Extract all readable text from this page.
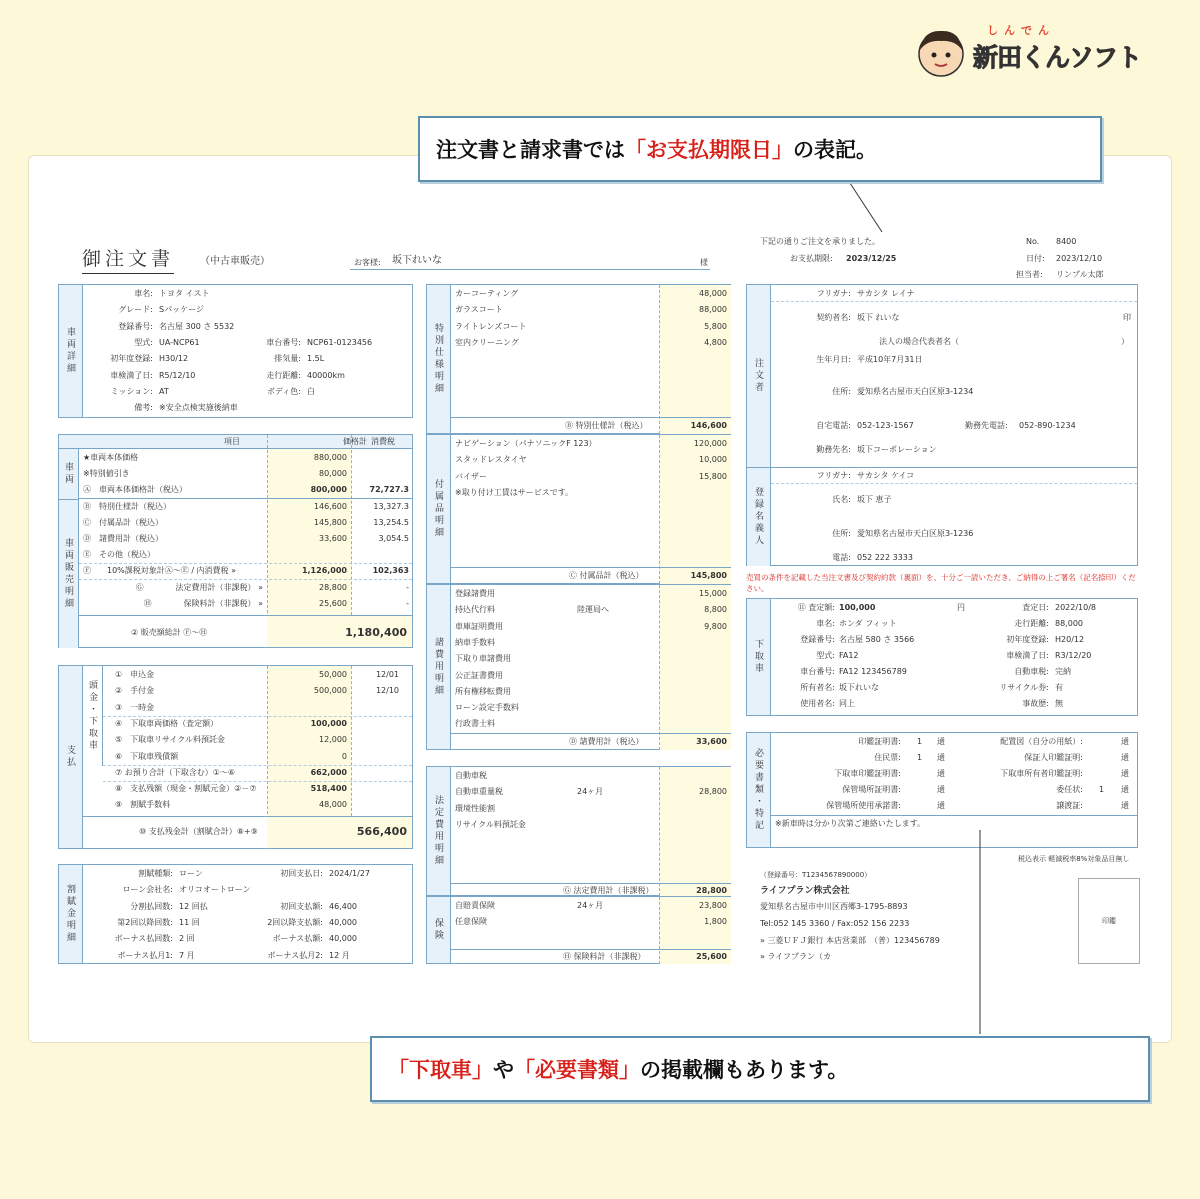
しんでん
新田くんソフト
御注文書	（中古車販売）	お客様: 坂下れいな	様
下記の通りご注文を承りました。	No. 8400
お支払期限: 2023/12/25	日付: 2023/12/10
担当者: リンプル太郎
車両詳細
車名: トヨタ イスト
グレード: Sパッケージ
登録番号: 名古屋 300 さ 5532
型式: UA-NCP61	車台番号: NCP61-0123456
初年度登録: H30/12	排気量: 1.5L
車検満了日: R5/12/10	走行距離: 40000km
ミッション: AT	ボディ色: 白
備考: ※安全点検実施後納車
項目	価格計 消費税
車両
車両販売明細
★車両本体価格	880,000
※特別値引き	80,000
Ⓐ　車両本体価格計（税込）	800,000	72,727.3
Ⓑ　特別仕様計（税込）	146,600	13,327.3
Ⓒ　付属品計（税込）	145,800	13,254.5
Ⓓ　諸費用計（税込）	33,600	3,054.5
Ⓔ　その他（税込）
Ⓕ　　10%課税対象計Ⓐ～Ⓔ / 内消費税 »	1,126,000	102,363
Ⓖ　　　　法定費用計（非課税） »	28,800	-
Ⓗ　　　　保険料計（非課税） »	25,600	-
② 販売額総計 Ⓕ～Ⓗ	1,180,400
支払
頭金・下取車
①　申込金	50,000	12/01
②　手付金	500,000	12/10
③　一時金
④　下取車両価格（査定額）	100,000
⑤　下取車リサイクル料預託金	12,000
⑥　下取車残債額	0
⑦ お預り合計（下取含む）①～⑥	662,000
⑧　支払残額（現金・割賦元金）②－⑦	518,400
⑨　割賦手数料	48,000
⑩ 支払残金計（割賦合計）⑧+⑨	566,400
割賦金明細
割賦種類: ローン	初回支払日: 2024/1/27
ローン会社名: オリコオートローン
分割払回数: 12 回払	初回支払額: 46,400
第2回以降回数: 11 回	2回以降支払額: 40,000
ボーナス払回数: 2 回	ボーナス払額: 40,000
ボーナス払月1: 7 月	ボーナス払月2: 12 月
特別仕様明細
カーコーティング	48,000
ガラスコート	88,000
ライトレンズコート	5,800
室内クリーニング	4,800
Ⓑ 特別仕様計（税込）	146,600
付属品明細
ナビゲーション（パナソニックF 123）	120,000
スタッドレスタイヤ	10,000
バイザー	15,800
※取り付け工賃はサービスです。
Ⓒ 付属品計（税込）	145,800
諸費用明細
登録諸費用	15,000
持込代行料	陸運局へ	8,800
車庫証明費用	9,800
納車手数料
下取り車諸費用
公正証書費用
所有権移転費用
ローン設定手数料
行政書士料
Ⓓ 諸費用計（税込）	33,600
法定費用明細
自動車税
自動車重量税	24ヶ月	28,800
環境性能割
リサイクル料預託金
Ⓖ 法定費用計（非課税）	28,800
保険
自賠責保険	24ヶ月	23,800
任意保険	1,800
Ⓗ 保険料計（非課税）	25,600
注文者
登録名義人
フリガナ: サカシタ レイナ
契約者名: 坂下 れいな	印
法人の場合代表者名（	）
生年月日: 平成10年7月31日
住所: 愛知県名古屋市天白区原3-1234
自宅電話: 052-123-1567	勤務先電話: 052-890-1234
勤務先名: 坂下コーポレーション
フリガナ: サカシタ ケイコ
氏名: 坂下 恵子
住所: 愛知県名古屋市天白区原3-1236
電話: 052 222 3333
売買の条件を記載した当注文書及び契約約款（裏面）を、十分ご一読いただき、ご納得の上ご署名（記名捺印）ください。
下取車
⑪ 査定額: 100,000	円	査定日: 2022/10/8
車名: ホンダ フィット	走行距離: 88,000
登録番号: 名古屋 580 さ 3566	初年度登録: H20/12
型式: FA12	車検満了日: R3/12/20
車台番号: FA12 123456789	自動車税: 完納
所有者名: 坂下れいな	リサイクル券: 有
使用者名: 同上	事故歴: 無
必要書類・特記
印鑑証明書: 1 通	配置図（自分の用紙）:	通
住民票: 1 通	保証人印鑑証明:	通
下取車印鑑証明書:	通	下取車所有者印鑑証明:	通
保管場所証明書:	通	委任状: 1 通
保管場所使用承諾書:	通	譲渡証:	通
※新車時は分かり次第ご連絡いたします。
税込表示 軽減税率8%対象品目無し
（登録番号：T1234567890000）
ライフプラン株式会社
愛知県名古屋市中川区西郷3-1795-8893
Tel:052 145 3360 / Fax:052 156 2233
» 三菱ＵＦＪ銀行 本店営業部　（普）123456789
» ライフプラン（カ
印鑑
注文書と請求書では 「お支払期限日」 の表記。
「下取車」 や 「必要書類」 の掲載欄もあります。
